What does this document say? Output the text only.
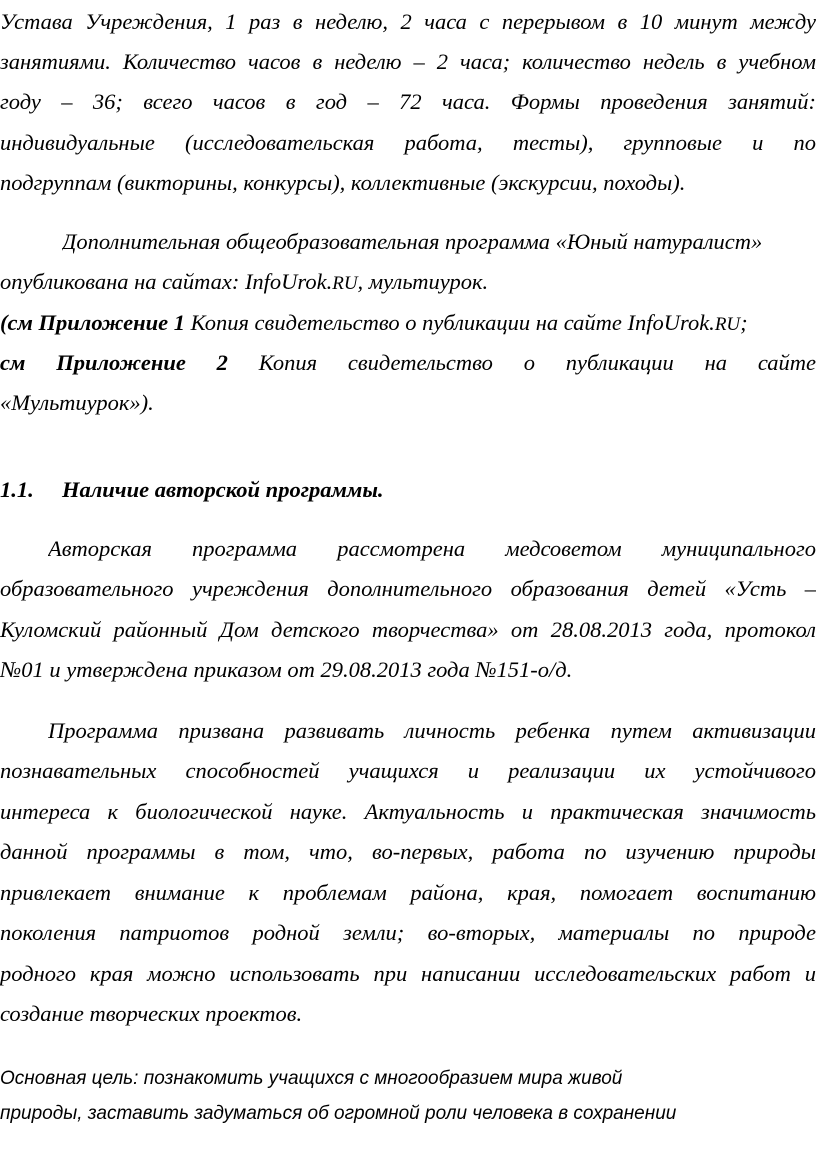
Устава Учреждения, 1 раз в неделю, 2 часа с перерывом в 10 минут между
занятиями. Количество часов в неделю – 2 часа; количество недель в учебном
году – 36; всего часов в год – 72 часа. Формы проведения занятий:
индивидуальные (исследовательская работа, тесты), групповые и по
подгруппам (викторины, конкурсы), коллективные (экскурсии, походы).
Дополнительная общеобразовательная программа «Юный натуралист»
опубликована на сайтах: InfoUrok.RU, мультиурок.
(см Приложение 1 Копия свидетельство о публикации на сайте InfoUrok.RU;
см Приложение 2 Копия свидетельство о публикации на сайте
«Мультиурок»).
1.1. Наличие авторской программы.
Авторская программа рассмотрена медсоветом муниципального
образовательного учреждения дополнительного образования детей «Усть –
Куломский районный Дом детского творчества» от 28.08.2013 года, протокол
№01 и утверждена приказом от 29.08.2013 года №151-о/д.
Программа призвана развивать личность ребенка путем активизации
познавательных способностей учащихся и реализации их устойчивого
интереса к биологической науке. Актуальность и практическая значимость
данной программы в том, что, во-первых, работа по изучению природы
привлекает внимание к проблемам района, края, помогает воспитанию
поколения патриотов родной земли; во-вторых, материалы по природе
родного края можно использовать при написании исследовательских работ и
создание творческих проектов.
Основная цель: познакомить учащихся с многообразием мира живой
природы, заставить задуматься об огромной роли человека в сохранении
